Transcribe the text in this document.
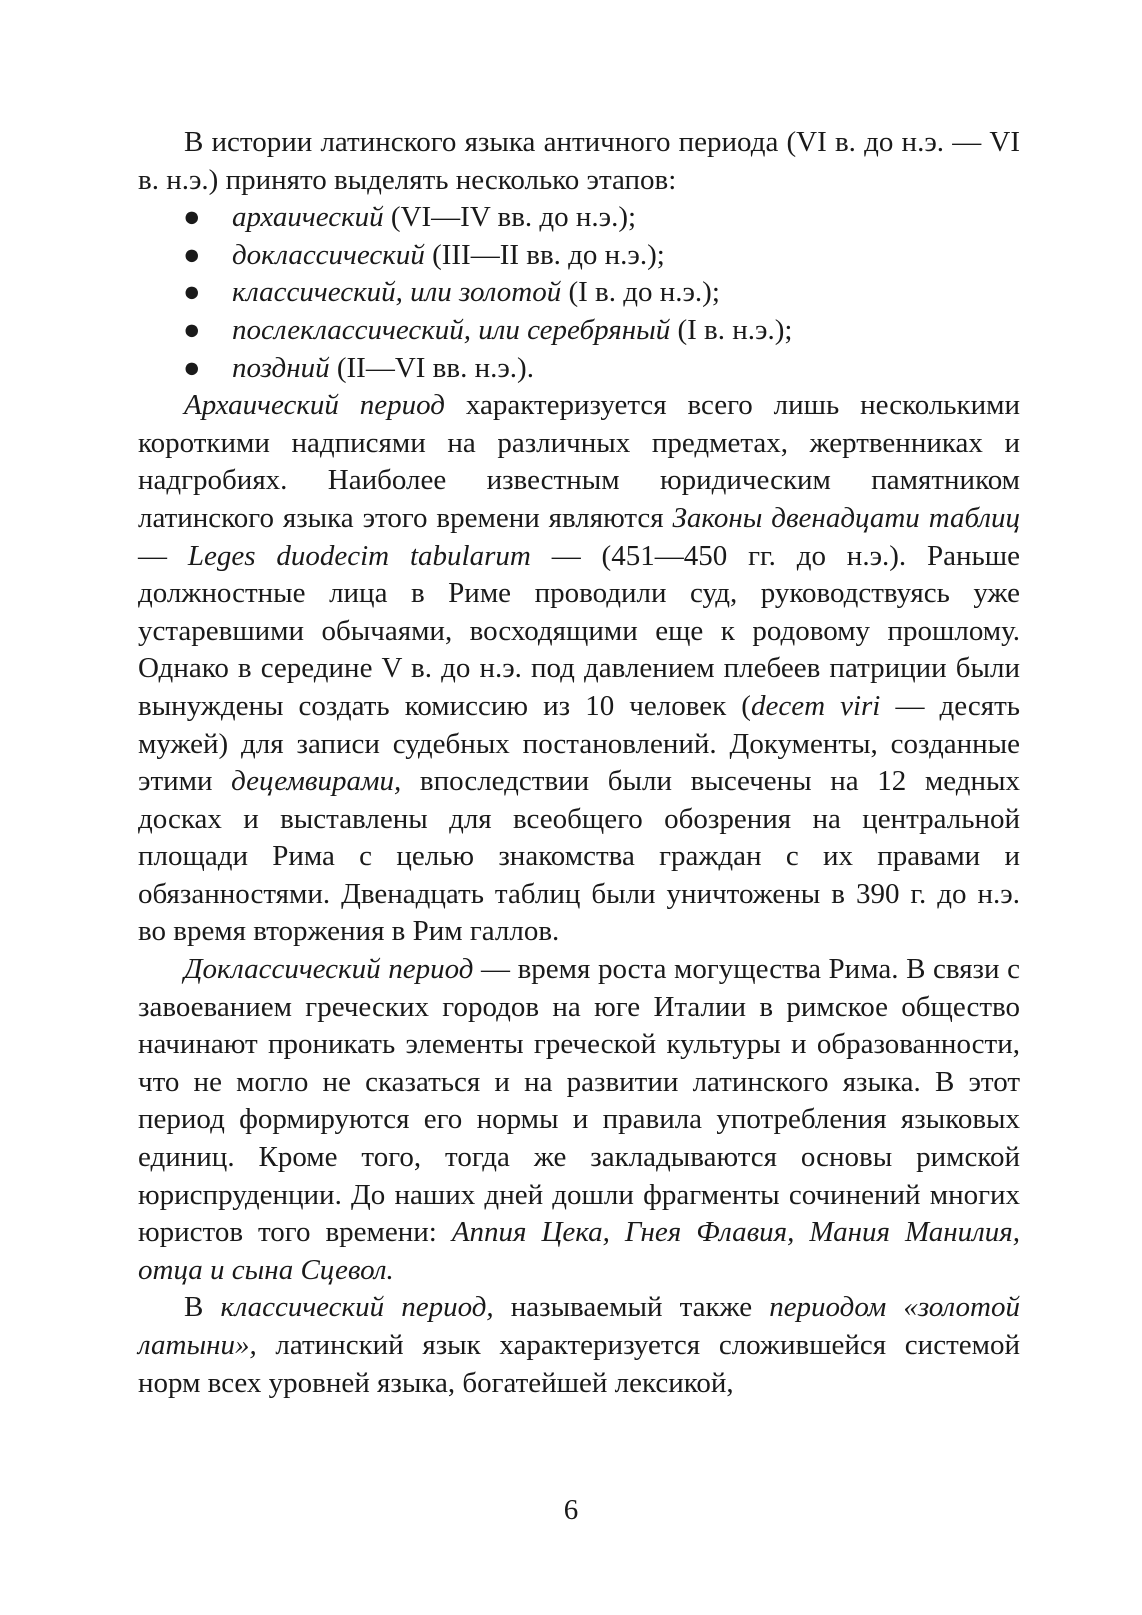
В истории латинского языка античного периода (VI в. до н.э. — VI в. н.э.) принято выделять несколько этапов:

● архаический (VI—IV вв. до н.э.);
● доклассический (III—II вв. до н.э.);
● классический, или золотой (I в. до н.э.);
● послеклассический, или серебряный (I в. н.э.);
● поздний (II—VI вв. н.э.).

Архаический период характеризуется всего лишь несколькими короткими надписями на различных предметах, жертвенниках и надгробиях. Наиболее известным юридическим памятником латинского языка этого времени являются Законы двенадцати таблиц — Leges duodecim tabularum — (451—450 гг. до н.э.). Раньше должностные лица в Риме проводили суд, руководствуясь уже устаревшими обычаями, восходящими еще к родовому прошлому. Однако в середине V в. до н.э. под давлением плебеев патриции были вынуждены создать комиссию из 10 человек (decem viri — десять мужей) для записи судебных постановлений. Документы, созданные этими децемвирами, впоследствии были высечены на 12 медных досках и выставлены для всеобщего обозрения на центральной площади Рима с целью знакомства граждан с их правами и обязанностями. Двенадцать таблиц были уничтожены в 390 г. до н.э. во время вторжения в Рим галлов.

Доклассический период — время роста могущества Рима. В связи с завоеванием греческих городов на юге Италии в римское общество начинают проникать элементы греческой культуры и образованности, что не могло не сказаться и на развитии латинского языка. В этот период формируются его нормы и правила употребления языковых единиц. Кроме того, тогда же закладываются основы римской юриспруденции. До наших дней дошли фрагменты сочинений многих юристов того времени: Аппия Цека, Гнея Флавия, Мания Манилия, отца и сына Сцевол.

В классический период, называемый также периодом «золотой латыни», латинский язык характеризуется сложившейся системой норм всех уровней языка, богатейшей лексикой,

6
